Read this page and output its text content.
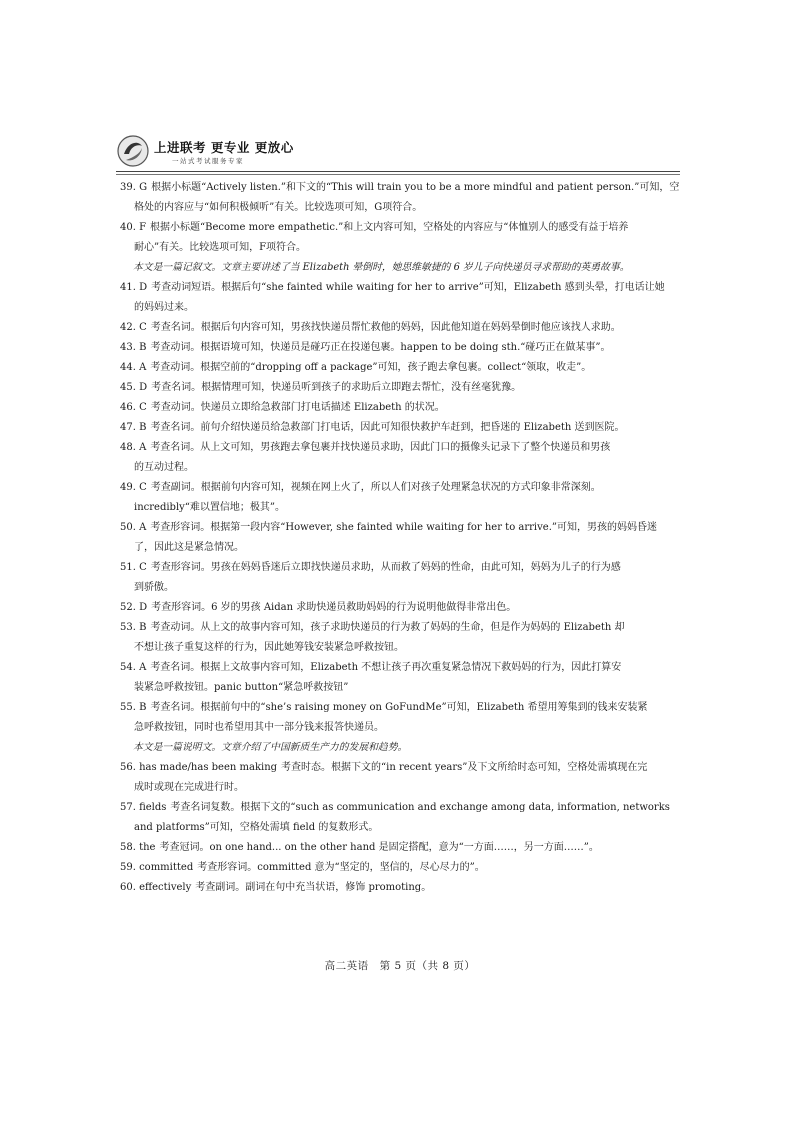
上进联考 更专业 更放心
一站式考试服务专家
39. G 根据小标题“Actively listen.”和下文的“This will train you to be a more mindful and patient person.”可知，空
格处的内容应与“如何积极倾听”有关。比较选项可知，G项符合。
40. F 根据小标题“Become more empathetic.”和上文内容可知，空格处的内容应与“体恤别人的感受有益于培养
耐心”有关。比较选项可知，F项符合。
本文是一篇记叙文。文章主要讲述了当 Elizabeth 晕倒时，她思维敏捷的 6 岁儿子向快递员寻求帮助的英勇故事。
41. D 考查动词短语。根据后句“she fainted while waiting for her to arrive”可知，Elizabeth 感到头晕，打电话让她
的妈妈过来。
42. C 考查名词。根据后句内容可知，男孩找快递员帮忙救他的妈妈，因此他知道在妈妈晕倒时他应该找人求助。
43. B 考查动词。根据语境可知，快递员是碰巧正在投递包裹。happen to be doing sth.“碰巧正在做某事”。
44. A 考查动词。根据空前的“dropping off a package”可知，孩子跑去拿包裹。collect“领取，收走”。
45. D 考查名词。根据情理可知，快递员听到孩子的求助后立即跑去帮忙，没有丝毫犹豫。
46. C 考查动词。快递员立即给急救部门打电话描述 Elizabeth 的状况。
47. B 考查名词。前句介绍快递员给急救部门打电话，因此可知很快救护车赶到，把昏迷的 Elizabeth 送到医院。
48. A 考查名词。从上文可知，男孩跑去拿包裹并找快递员求助，因此门口的摄像头记录下了整个快递员和男孩
的互动过程。
49. C 考查副词。根据前句内容可知，视频在网上火了，所以人们对孩子处理紧急状况的方式印象非常深刻。
incredibly“难以置信地；极其”。
50. A 考查形容词。根据第一段内容“However, she fainted while waiting for her to arrive.”可知，男孩的妈妈昏迷
了，因此这是紧急情况。
51. C 考查形容词。男孩在妈妈昏迷后立即找快递员求助，从而救了妈妈的性命，由此可知，妈妈为儿子的行为感
到骄傲。
52. D 考查形容词。6 岁的男孩 Aidan 求助快递员救助妈妈的行为说明他做得非常出色。
53. B 考查动词。从上文的故事内容可知，孩子求助快递员的行为救了妈妈的生命，但是作为妈妈的 Elizabeth 却
不想让孩子重复这样的行为，因此她筹钱安装紧急呼救按钮。
54. A 考查名词。根据上文故事内容可知，Elizabeth 不想让孩子再次重复紧急情况下救妈妈的行为，因此打算安
装紧急呼救按钮。panic button“紧急呼救按钮”
55. B 考查名词。根据前句中的“she’s raising money on GoFundMe”可知，Elizabeth 希望用筹集到的钱来安装紧
急呼救按钮，同时也希望用其中一部分钱来报答快递员。
本文是一篇说明文。文章介绍了中国新质生产力的发展和趋势。
56. has made/has been making 考查时态。根据下文的“in recent years”及下文所给时态可知，空格处需填现在完
成时或现在完成进行时。
57. fields 考查名词复数。根据下文的“such as communication and exchange among data, information, networks
and platforms”可知，空格处需填 field 的复数形式。
58. the 考查冠词。on one hand... on the other hand 是固定搭配，意为“一方面……，另一方面……”。
59. committed 考查形容词。committed 意为“坚定的，坚信的，尽心尽力的”。
60. effectively 考查副词。副词在句中充当状语，修饰 promoting。
高二英语　第 5 页（共 8 页）
